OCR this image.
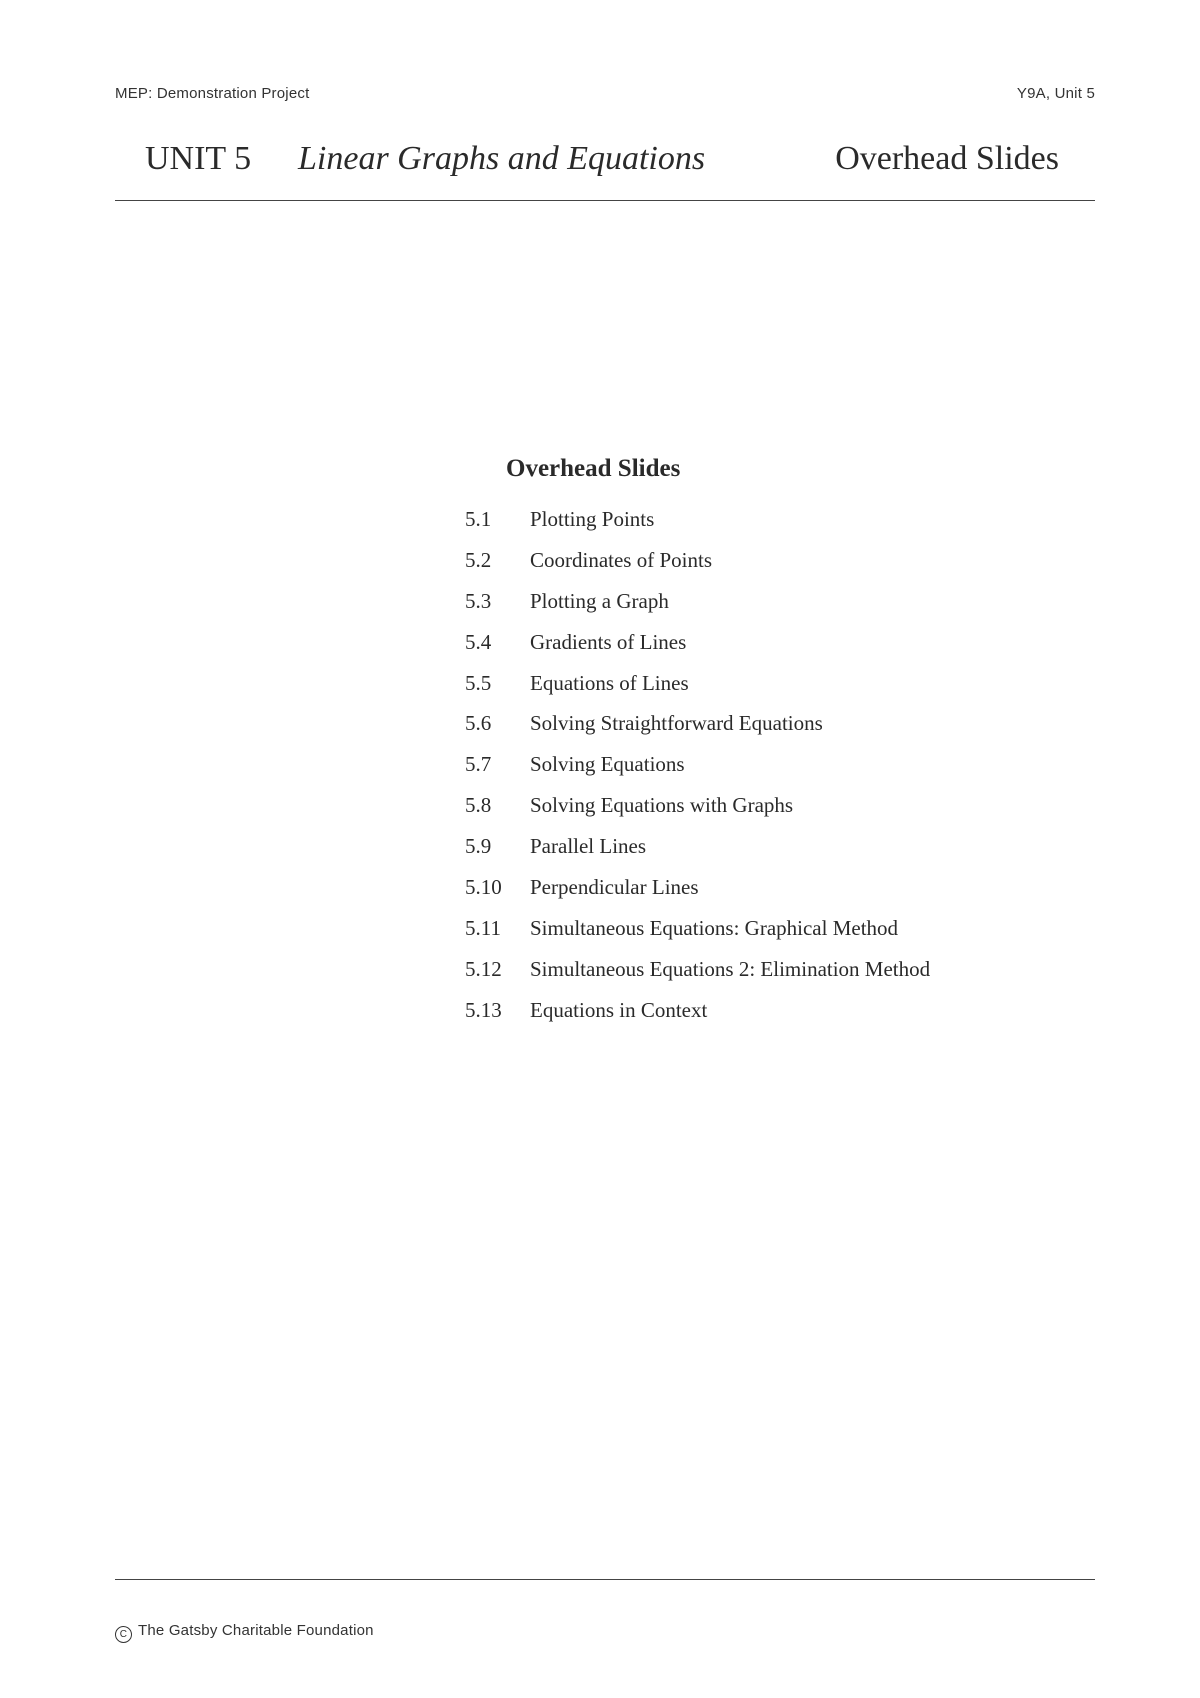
MEP: Demonstration Project	Y9A, Unit 5
UNIT 5 Linear Graphs and Equations	Overhead Slides
Overhead Slides
5.1	Plotting Points
5.2	Coordinates of Points
5.3	Plotting a Graph
5.4	Gradients of Lines
5.5	Equations of Lines
5.6	Solving Straightforward Equations
5.7	Solving Equations
5.8	Solving Equations with Graphs
5.9	Parallel Lines
5.10	Perpendicular Lines
5.11	Simultaneous Equations: Graphical Method
5.12	Simultaneous Equations 2: Elimination Method
5.13	Equations in Context
C The Gatsby Charitable Foundation
